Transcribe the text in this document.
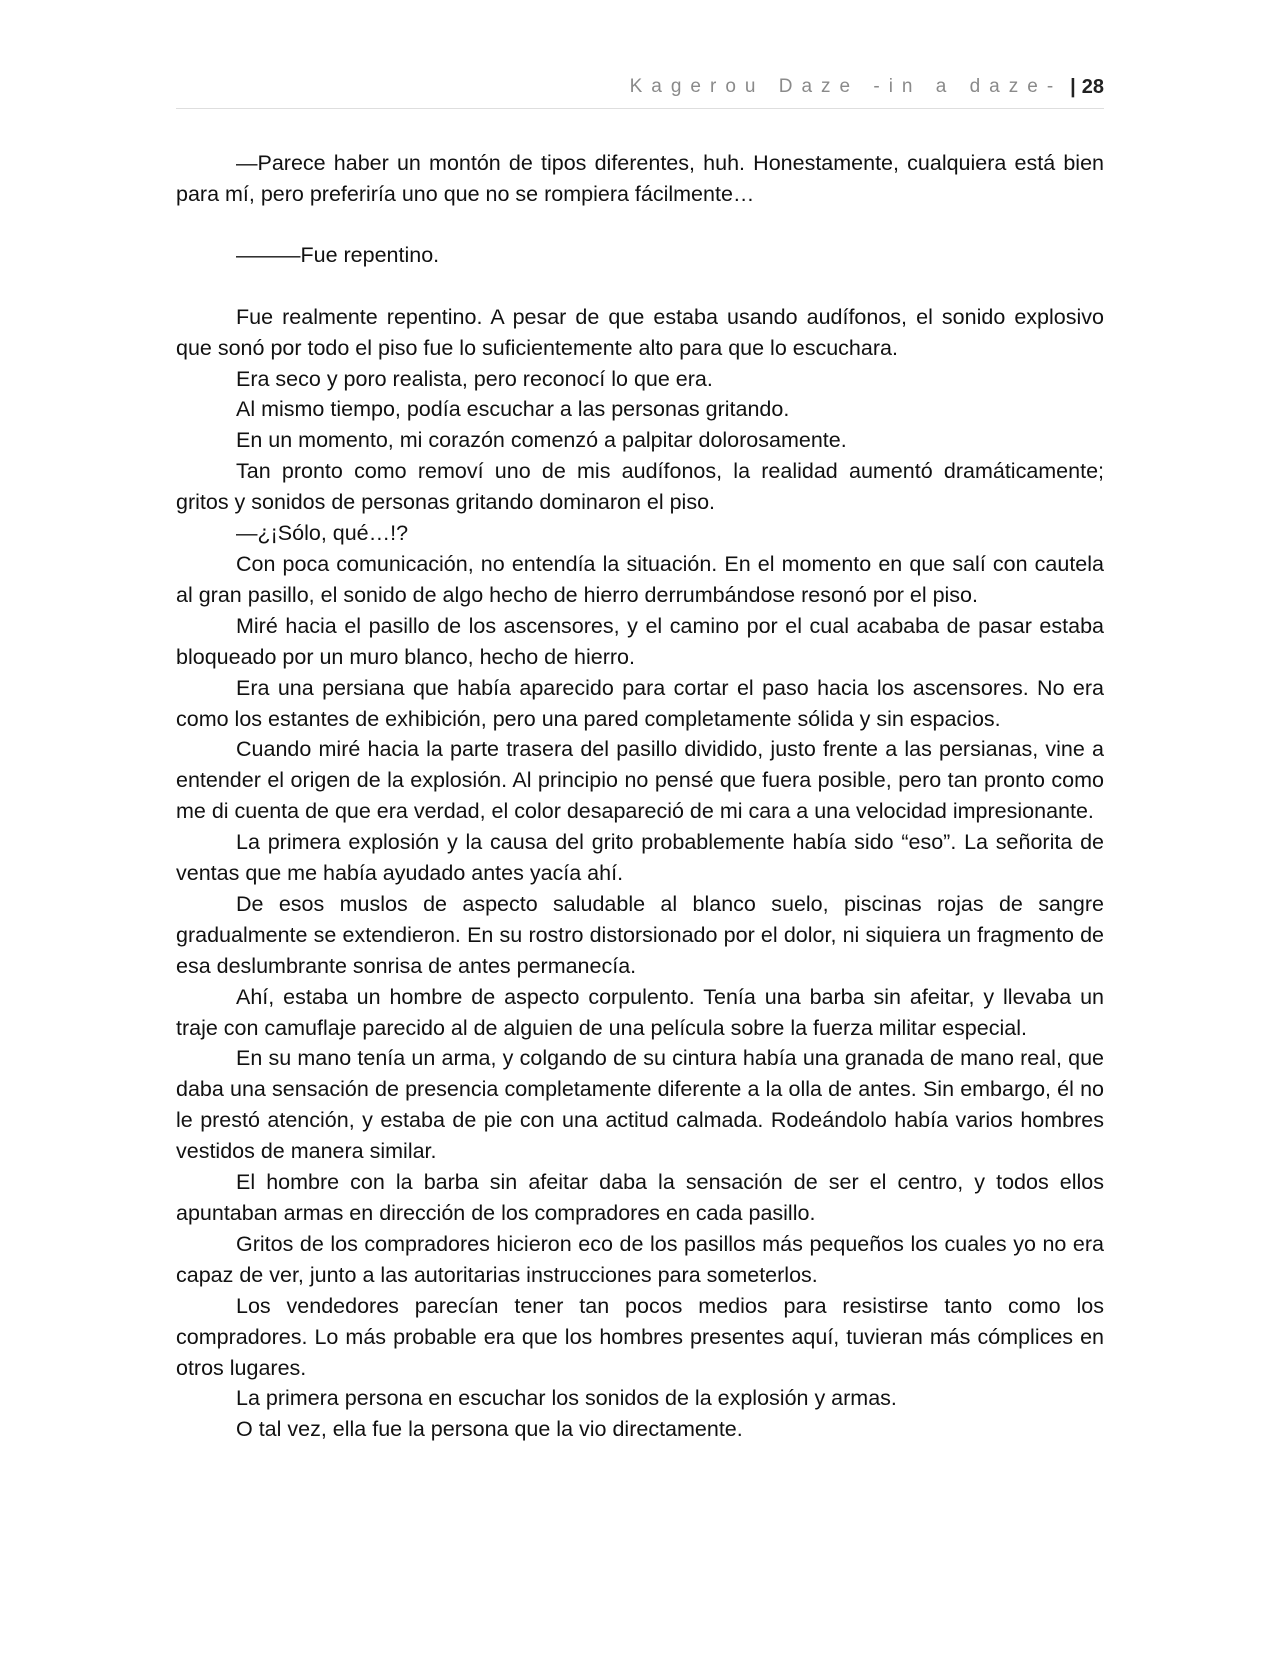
Kagerou Daze -in a daze- | 28

—Parece haber un montón de tipos diferentes, huh. Honestamente, cualquiera está bien para mí, pero preferiría uno que no se rompiera fácilmente…

———Fue repentino.

Fue realmente repentino. A pesar de que estaba usando audífonos, el sonido explosivo que sonó por todo el piso fue lo suficientemente alto para que lo escuchara.

Era seco y poro realista, pero reconocí lo que era.

Al mismo tiempo, podía escuchar a las personas gritando.

En un momento, mi corazón comenzó a palpitar dolorosamente.

Tan pronto como removí uno de mis audífonos, la realidad aumentó dramáticamente; gritos y sonidos de personas gritando dominaron el piso.

—¿¡Sólo, qué…!?

Con poca comunicación, no entendía la situación. En el momento en que salí con cautela al gran pasillo, el sonido de algo hecho de hierro derrumbándose resonó por el piso.

Miré hacia el pasillo de los ascensores, y el camino por el cual acababa de pasar estaba bloqueado por un muro blanco, hecho de hierro.

Era una persiana que había aparecido para cortar el paso hacia los ascensores. No era como los estantes de exhibición, pero una pared completamente sólida y sin espacios.

Cuando miré hacia la parte trasera del pasillo dividido, justo frente a las persianas, vine a entender el origen de la explosión. Al principio no pensé que fuera posible, pero tan pronto como me di cuenta de que era verdad, el color desapareció de mi cara a una velocidad impresionante.

La primera explosión y la causa del grito probablemente había sido “eso”. La señorita de ventas que me había ayudado antes yacía ahí.

De esos muslos de aspecto saludable al blanco suelo, piscinas rojas de sangre gradualmente se extendieron. En su rostro distorsionado por el dolor, ni siquiera un fragmento de esa deslumbrante sonrisa de antes permanecía.

Ahí, estaba un hombre de aspecto corpulento. Tenía una barba sin afeitar, y llevaba un traje con camuflaje parecido al de alguien de una película sobre la fuerza militar especial.

En su mano tenía un arma, y colgando de su cintura había una granada de mano real, que daba una sensación de presencia completamente diferente a la olla de antes. Sin embargo, él no le prestó atención, y estaba de pie con una actitud calmada. Rodeándolo había varios hombres vestidos de manera similar.

El hombre con la barba sin afeitar daba la sensación de ser el centro, y todos ellos apuntaban armas en dirección de los compradores en cada pasillo.

Gritos de los compradores hicieron eco de los pasillos más pequeños los cuales yo no era capaz de ver, junto a las autoritarias instrucciones para someterlos.

Los vendedores parecían tener tan pocos medios para resistirse tanto como los compradores. Lo más probable era que los hombres presentes aquí, tuvieran más cómplices en otros lugares.

La primera persona en escuchar los sonidos de la explosión y armas.

O tal vez, ella fue la persona que la vio directamente.
